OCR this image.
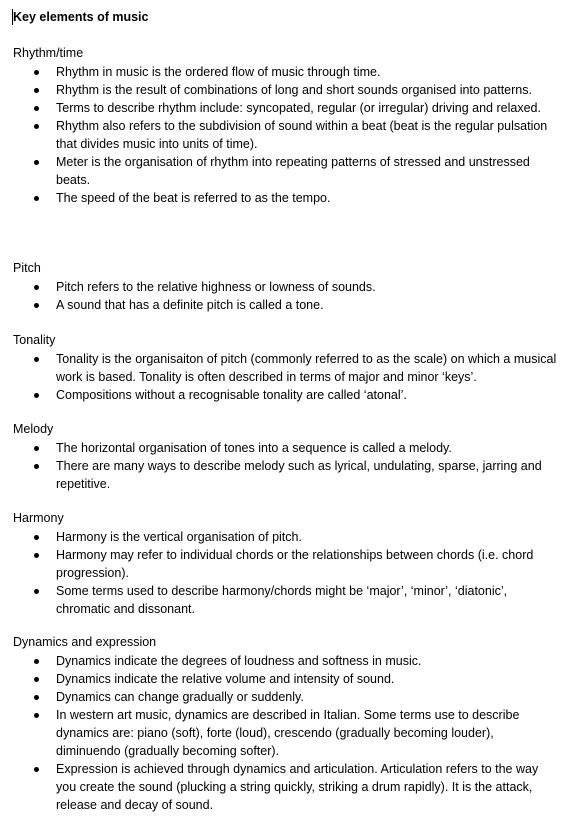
Key elements of music
Rhythm/time
Rhythm in music is the ordered flow of music through time.
Rhythm is the result of combinations of long and short sounds organised into patterns.
Terms to describe rhythm include: syncopated, regular (or irregular) driving and relaxed.
Rhythm also refers to the subdivision of sound within a beat (beat is the regular pulsation that divides music into units of time).
Meter is the organisation of rhythm into repeating patterns of stressed and unstressed beats.
The speed of the beat is referred to as the tempo.
Pitch
Pitch refers to the relative highness or lowness of sounds.
A sound that has a definite pitch is called a tone.
Tonality
Tonality is the organisaiton of pitch (commonly referred to as the scale) on which a musical work is based. Tonality is often described in terms of major and minor ‘keys’.
Compositions without a recognisable tonality are called ‘atonal’.
Melody
The horizontal organisation of tones into a sequence is called a melody.
There are many ways to describe melody such as lyrical, undulating, sparse, jarring and repetitive.
Harmony
Harmony is the vertical organisation of pitch.
Harmony may refer to individual chords or the relationships between chords (i.e. chord progression).
Some terms used to describe harmony/chords might be ‘major’, ‘minor’, ‘diatonic’, chromatic and dissonant.
Dynamics and expression
Dynamics indicate the degrees of loudness and softness in music.
Dynamics indicate the relative volume and intensity of sound.
Dynamics can change gradually or suddenly.
In western art music, dynamics are described in Italian. Some terms use to describe dynamics are: piano (soft), forte (loud), crescendo (gradually becoming louder), diminuendo (gradually becoming softer).
Expression is achieved through dynamics and articulation. Articulation refers to the way you create the sound (plucking a string quickly, striking a drum rapidly). It is the attack, release and decay of sound.
